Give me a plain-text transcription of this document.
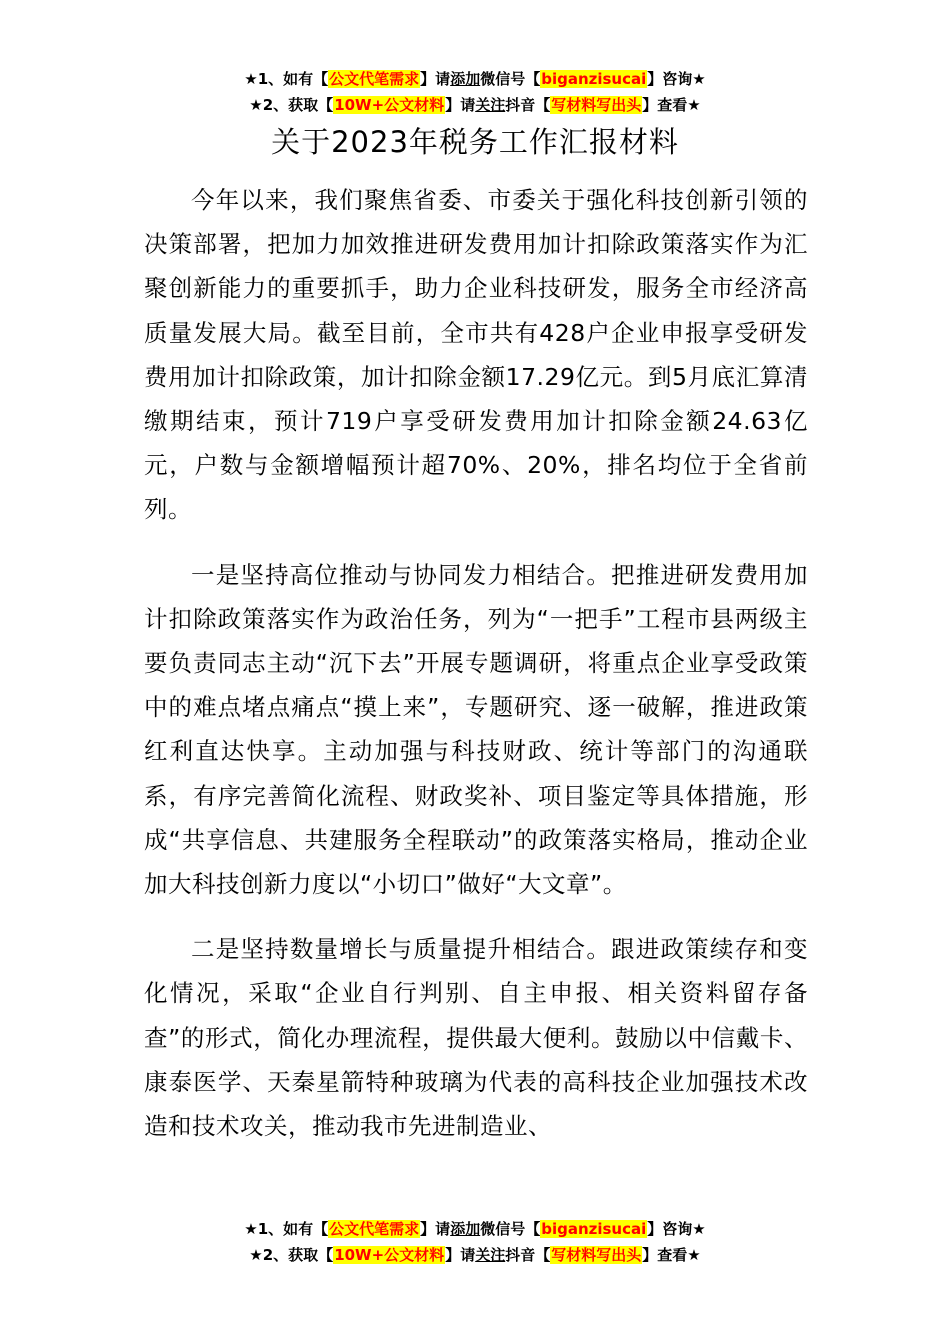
★1、如有【公文代笔需求】请添加微信号【biganzisucai】咨询★
★2、获取【10W+公文材料】请关注抖音【写材料写出头】查看★
关于2023年税务工作汇报材料

今年以来，我们聚焦省委、市委关于强化科技创新引领的决策部署，把加力加效推进研发费用加计扣除政策落实作为汇聚创新能力的重要抓手，助力企业科技研发，服务全市经济高质量发展大局。截至目前，全市共有428户企业申报享受研发费用加计扣除政策，加计扣除金额17.29亿元。到5月底汇算清缴期结束，预计719户享受研发费用加计扣除金额24.63亿元，户数与金额增幅预计超70%、20%，排名均位于全省前列。

一是坚持高位推动与协同发力相结合。把推进研发费用加计扣除政策落实作为政治任务，列为“一把手”工程市县两级主要负责同志主动“沉下去”开展专题调研，将重点企业享受政策中的难点堵点痛点“摸上来”，专题研究、逐一破解，推进政策红利直达快享。主动加强与科技财政、统计等部门的沟通联系，有序完善简化流程、财政奖补、项目鉴定等具体措施，形成“共享信息、共建服务全程联动”的政策落实格局，推动企业加大科技创新力度以“小切口”做好“大文章”。

二是坚持数量增长与质量提升相结合。跟进政策续存和变化情况，采取“企业自行判别、自主申报、相关资料留存备查”的形式，简化办理流程，提供最大便利。鼓励以中信戴卡、康泰医学、天秦星箭特种玻璃为代表的高科技企业加强技术改造和技术攻关，推动我市先进制造业、

★1、如有【公文代笔需求】请添加微信号【biganzisucai】咨询★
★2、获取【10W+公文材料】请关注抖音【写材料写出头】查看★
